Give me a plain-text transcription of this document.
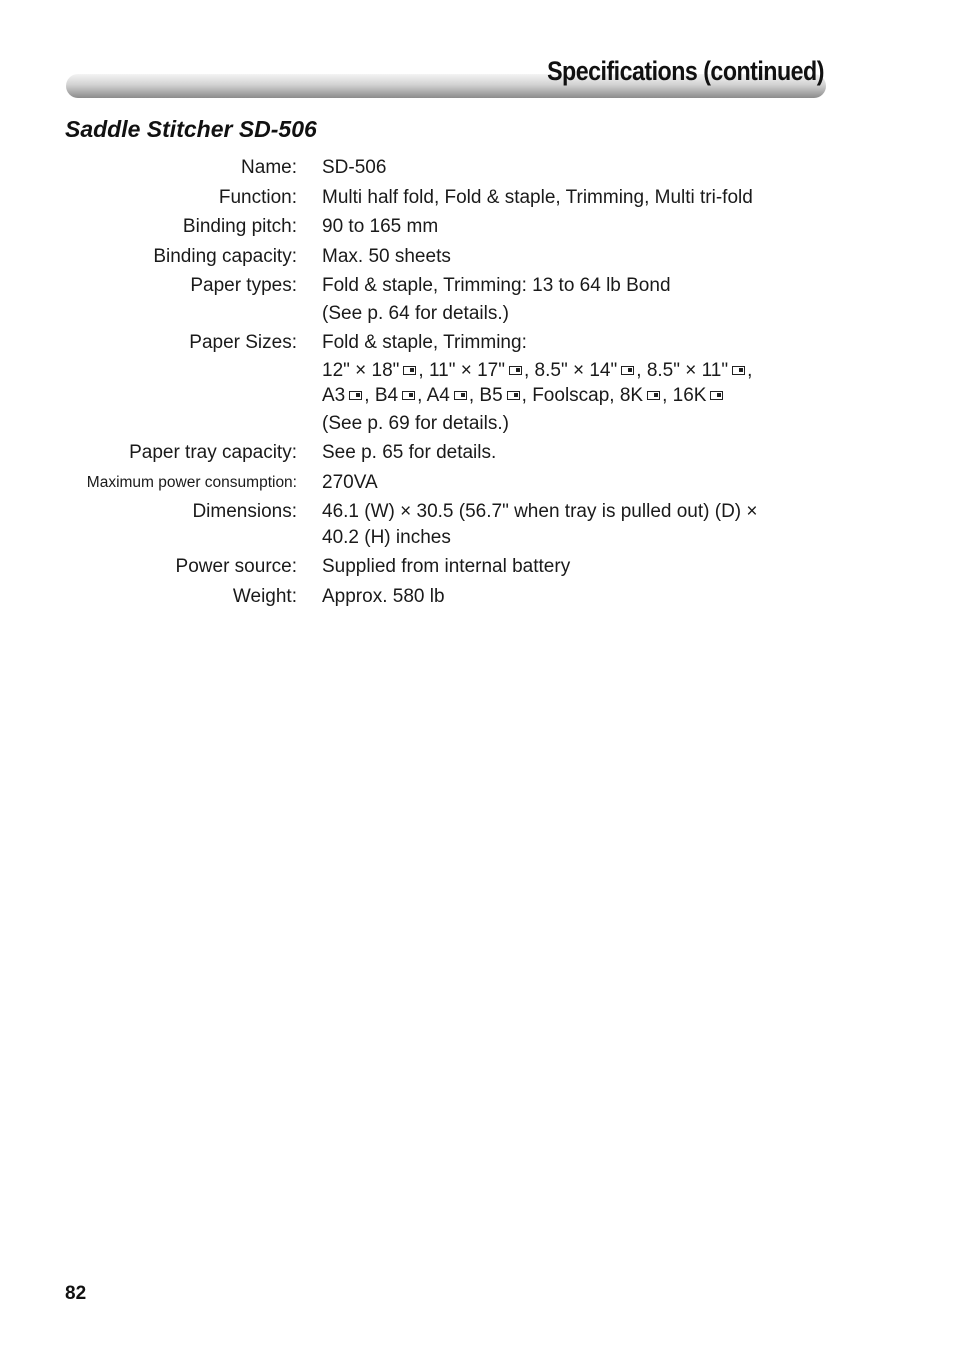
Specifications (continued)
Saddle Stitcher SD-506
Name:	SD-506
Function:	Multi half fold, Fold & staple, Trimming, Multi tri-fold
Binding pitch:	90 to 165 mm
Binding capacity:	Max. 50 sheets
Paper types:	Fold & staple, Trimming: 13 to 64 lb Bond
(See p. 64 for details.)
Paper Sizes:	Fold & staple, Trimming:
12" × 18" , 11" × 17" , 8.5" × 14" , 8.5" × 11" ,
A3 , B4 , A4 , B5 , Foolscap, 8K , 16K
(See p. 69 for details.)
Paper tray capacity:	See p. 65 for details.
Maximum power consumption:	270VA
Dimensions:	46.1 (W) × 30.5 (56.7" when tray is pulled out) (D) ×
40.2 (H) inches
Power source:	Supplied from internal battery
Weight:	Approx. 580 lb
82
